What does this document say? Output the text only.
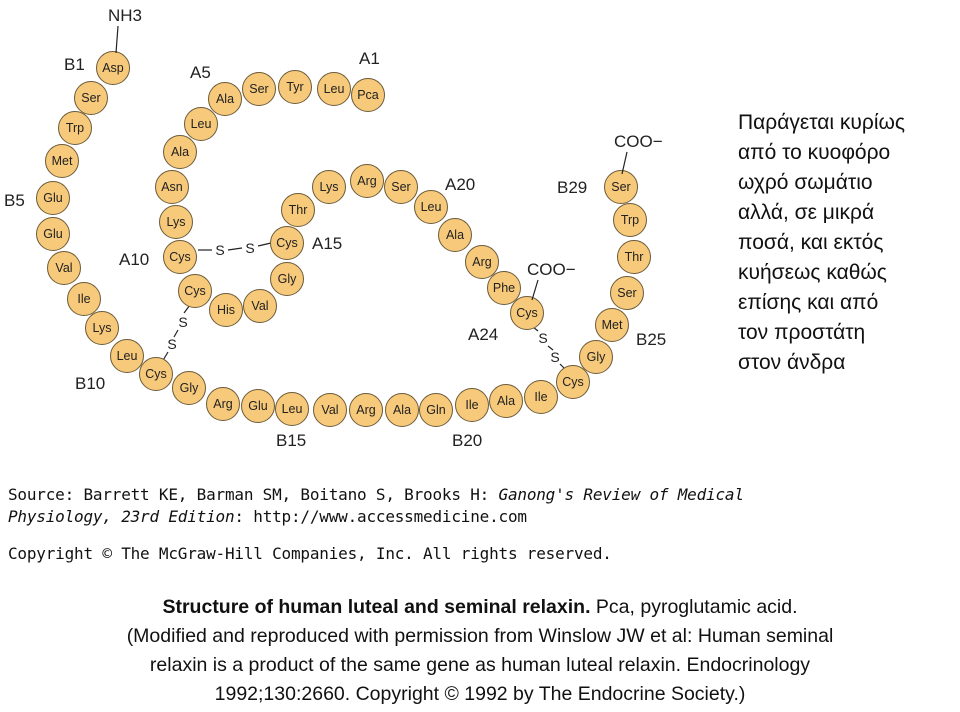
S S
S
S	S
S
Asp
Ser
Trp
Met
Glu
Glu
Val
Ile
Lys
Leu
Cys
Gly
Arg Glu Leu Val Arg Ala Gln Ile Ala Ile
Cys
Gly
Met
Ser
Thr
Trp
Ser
Pca
Leu
Tyr
Ser
Ala
Leu
Ala
Asn
Lys
Cys
Cys
His Val
Gly
Cys
Thr
Lys Arg Ser
Leu
Ala
Arg
Phe
Cys
NH3
COO−
COO−
B1
B5
B10
B15	B20
B25
B29
A1
A5
A10
A15
A20
A24
Παράγεται κυρίως
από το κυοφόρο
ωχρό σωμάτιο
αλλά, σε μικρά
ποσά, και εκτός
κυήσεως καθώς
επίσης και από
τον προστάτη
στον άνδρα
Source: Barrett KE, Barman SM, Boitano S, Brooks H: Ganong's Review of Medical
Physiology, 23rd Edition: http://www.accessmedicine.com
Copyright © The McGraw-Hill Companies, Inc. All rights reserved.
Structure of human luteal and seminal relaxin. Pca, pyroglutamic acid.
(Modified and reproduced with permission from Winslow JW et al: Human seminal
relaxin is a product of the same gene as human luteal relaxin. Endocrinology
1992;130:2660. Copyright © 1992 by The Endocrine Society.)
